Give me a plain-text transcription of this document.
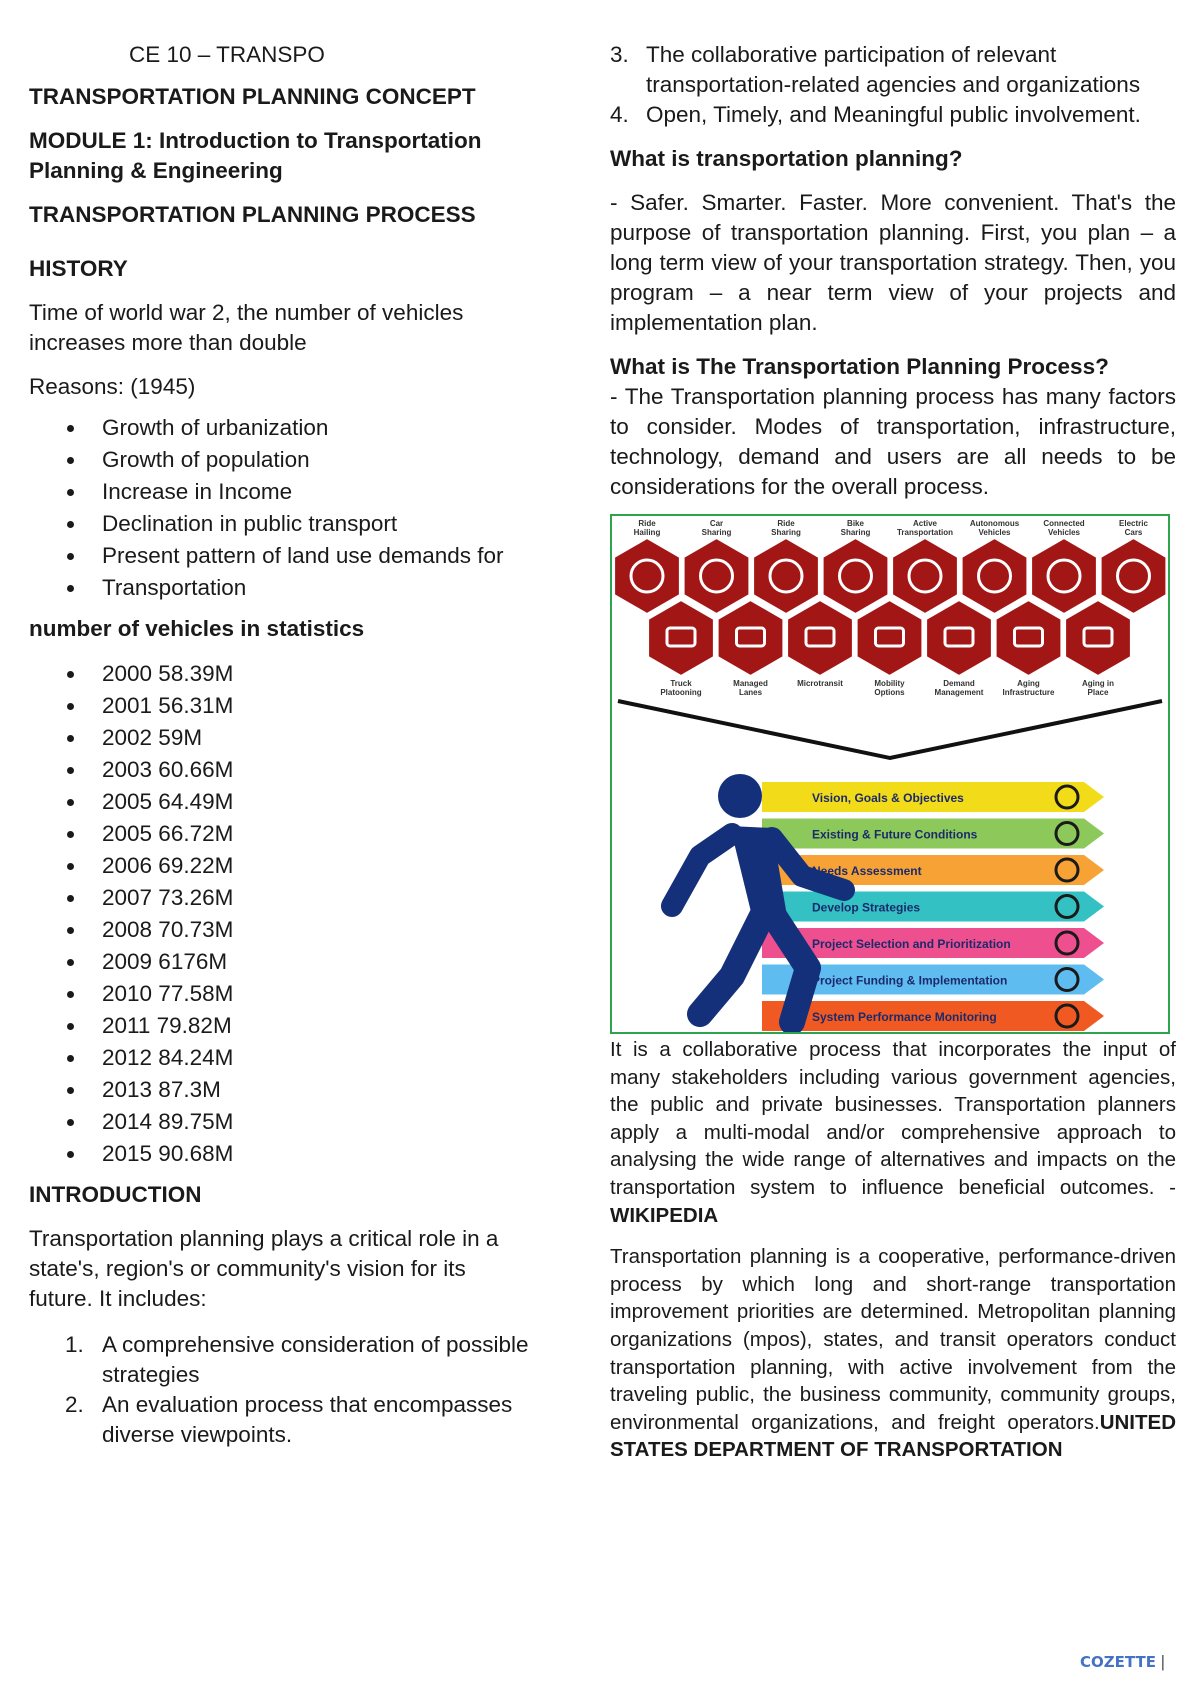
CE 10 – TRANSPO

TRANSPORTATION PLANNING CONCEPT

MODULE 1: Introduction to Transportation Planning & Engineering

TRANSPORTATION PLANNING PROCESS

HISTORY

Time of world war 2, the number of vehicles increases more than double

Reasons: (1945)

Growth of urbanization
Growth of population
Increase in Income
Declination in public transport
Present pattern of land use demands for
Transportation

number of vehicles in statistics

2000 58.39M
2001 56.31M
2002 59M
2003 60.66M
2005 64.49M
2005 66.72M
2006 69.22M
2007 73.26M
2008 70.73M
2009 6176M
2010 77.58M
2011 79.82M
2012 84.24M
2013 87.3M
2014 89.75M
2015 90.68M

INTRODUCTION

Transportation planning plays a critical role in a state's, region's or community's vision for its future. It includes:

1. A comprehensive consideration of possible strategies
2. An evaluation process that encompasses diverse viewpoints.
3. The collaborative participation of relevant transportation-related agencies and organizations
4. Open, Timely, and Meaningful public involvement.

What is transportation planning?

- Safer. Smarter. Faster. More convenient. That's the purpose of transportation planning. First, you plan – a long term view of your transportation strategy. Then, you program – a near term view of your projects and implementation plan.

What is The Transportation Planning Process?

- The Transportation planning process has many factors to consider. Modes of transportation, infrastructure, technology, demand and users are all needs to be considerations for the overall process.

Ride Hailing
Car Sharing
Ride Sharing
Bike Sharing
Active Transportation
Autonomous Vehicles
Connected Vehicles
Electric Cars
Truck Platooning
Managed Lanes
Microtransit	Mobility Options
Demand Management
Aging Infrastructure
Aging in Place
Vision, Goals & Objectives
Existing & Future Conditions
Needs Assessment
Develop Strategies
Project Selection and Prioritization
Project Funding & Implementation
System Performance Monitoring

It is a collaborative process that incorporates the input of many stakeholders including various government agencies, the public and private businesses. Transportation planners apply a multi-modal and/or comprehensive approach to analysing the wide range of alternatives and impacts on the transportation system to influence beneficial outcomes. - WIKIPEDIA

Transportation planning is a cooperative, performance-driven process by which long and short-range transportation improvement priorities are determined. Metropolitan planning organizations (mpos), states, and transit operators conduct transportation planning, with active involvement from the traveling public, the business community, community groups, environmental organizations, and freight operators.UNITED STATES DEPARTMENT OF TRANSPORTATION

COZETTE |
